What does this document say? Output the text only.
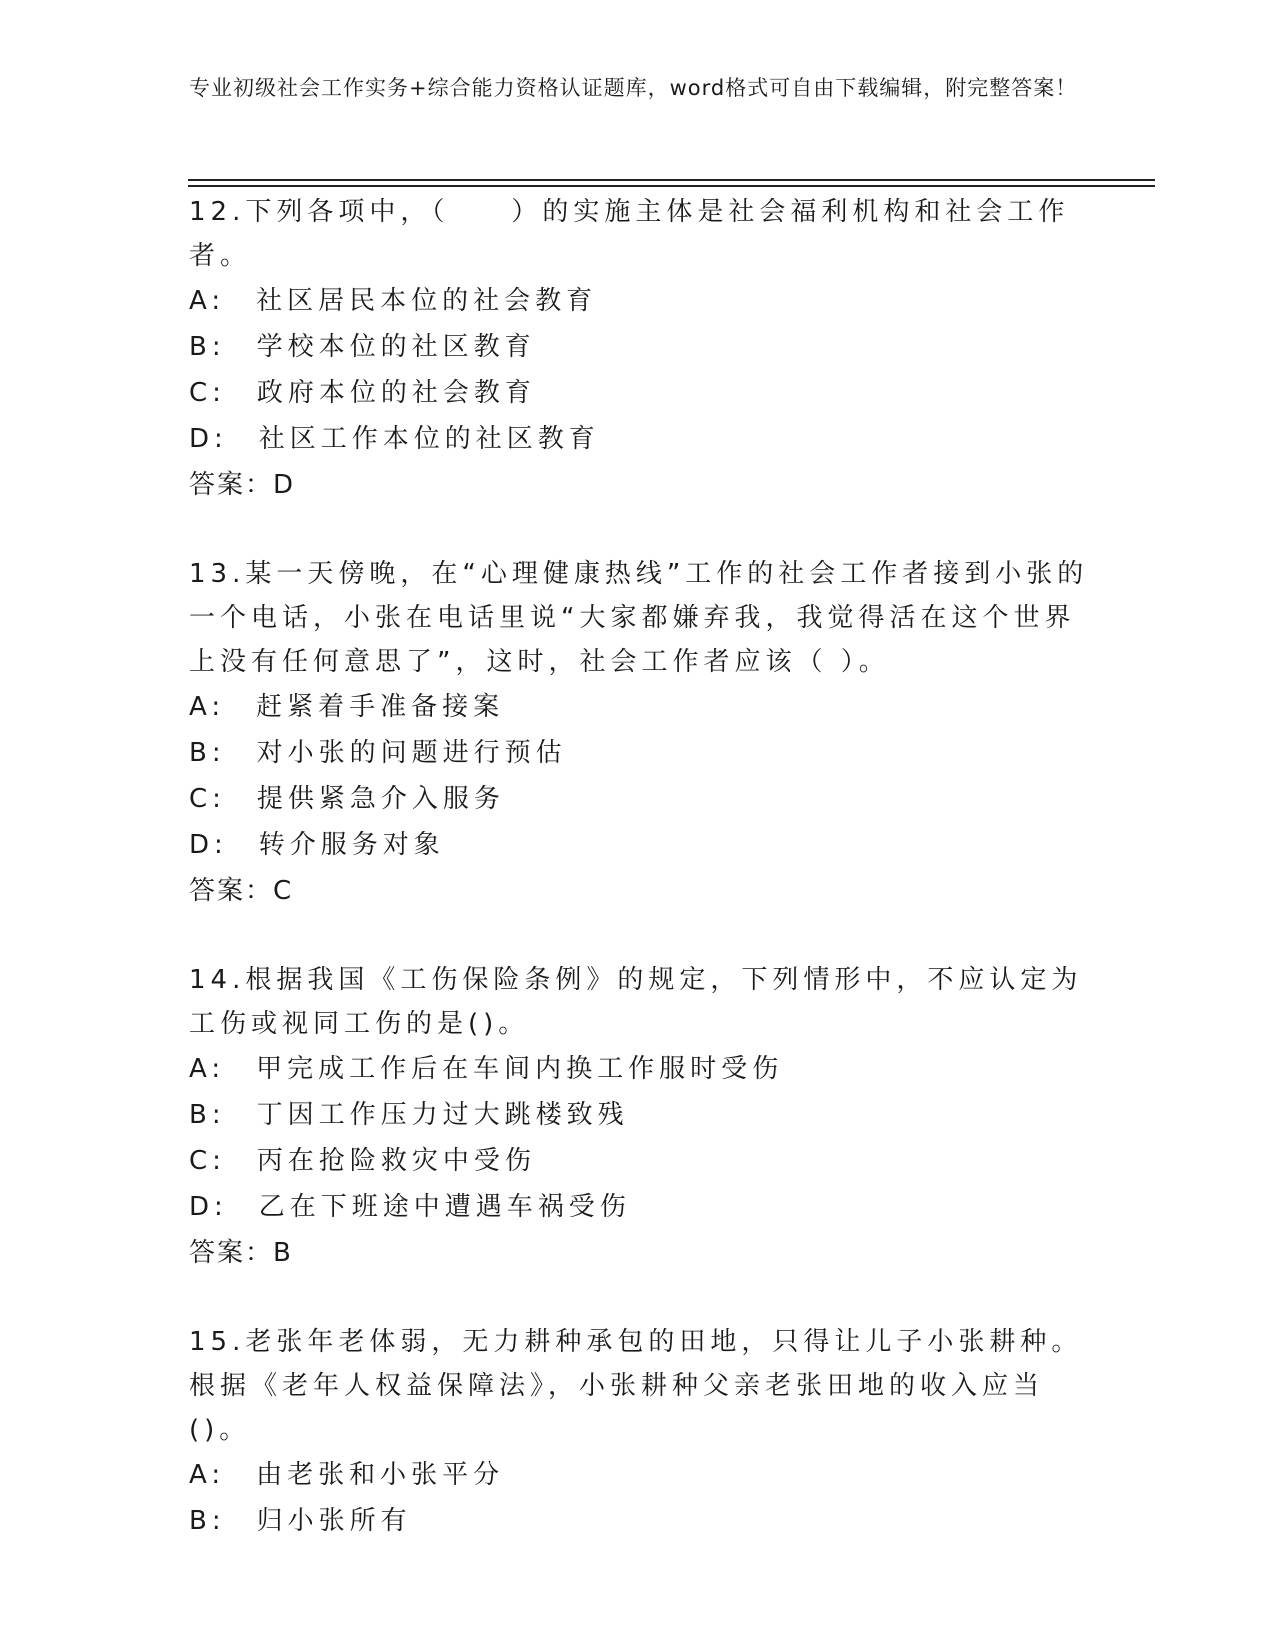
专业初级社会工作实务+综合能力资格认证题库，word格式可自由下载编辑，附完整答案！
12.下列各项中，（　　）的实施主体是社会福利机构和社会工作者。
A:　社区居民本位的社会教育
B:　学校本位的社区教育
C:　政府本位的社会教育
D:　社区工作本位的社区教育
答案：D
13.某一天傍晚，在“心理健康热线”工作的社会工作者接到小张的一个电话，小张在电话里说“大家都嫌弃我，我觉得活在这个世界上没有任何意思了”，这时，社会工作者应该（ ）。
A:　赶紧着手准备接案
B:　对小张的问题进行预估
C:　提供紧急介入服务
D:　转介服务对象
答案：C
14.根据我国《工伤保险条例》的规定，下列情形中，不应认定为工伤或视同工伤的是()。
A:　甲完成工作后在车间内换工作服时受伤
B:　丁因工作压力过大跳楼致残
C:　丙在抢险救灾中受伤
D:　乙在下班途中遭遇车祸受伤
答案：B
15.老张年老体弱，无力耕种承包的田地，只得让儿子小张耕种。根据《老年人权益保障法》，小张耕种父亲老张田地的收入应当()。
A:　由老张和小张平分
B:　归小张所有
